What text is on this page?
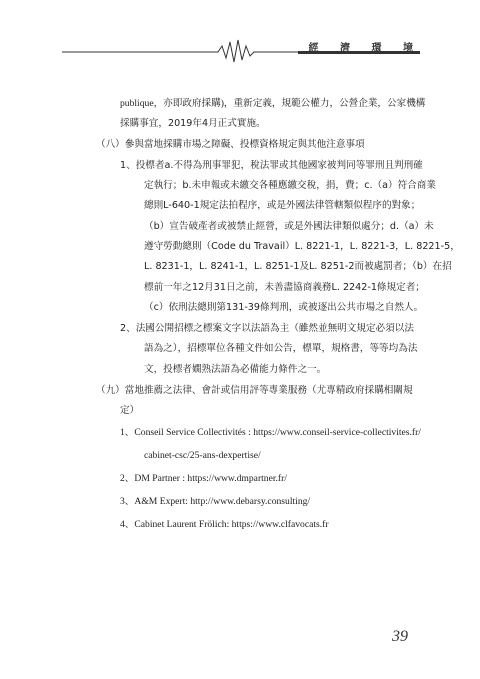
經 濟 環 境
publique，亦即政府採購)，重新定義，規範公權力，公營企業，公家機構
採購事宜，2019年4月正式實施。
（八）參與當地採購市場之障礙、投標資格規定與其他注意事項
1、投標者a.不得為刑事罪犯，稅法罪或其他國家被判同等罪刑且判刑確
定執行；b.未申報或未繳交各種應繳交稅，捐，費；c.（a）符合商業
總則L-640-1規定法拍程序，或是外國法律管轄類似程序的對象；
（b）宣告破產者或被禁止經營，或是外國法律類似處分；d.（a）未
遵守勞動總則（Code du Travail）L. 8221-1，L. 8221-3，L. 8221-5，
L. 8231-1，L. 8241-1，L. 8251-1及L. 8251-2而被處罰者；（b）在招
標前一年之12月31日之前，未善盡協商義務L. 2242-1條規定者；
（c）依刑法總則第131-39條判刑，或被逐出公共市場之自然人。
2、法國公開招標之標案文字以法語為主（雖然並無明文規定必須以法
語為之），招標單位各種文件如公告，標單，規格書，等等均為法
文，投標者嫺熟法語為必備能力條件之一。
（九）當地推薦之法律、會計或信用評等專業服務（尤專精政府採購相關規
定）
1、Conseil Service Collectivités : https://www.conseil-service-collectivites.fr/
cabinet-csc/25-ans-dexpertise/
2、DM Partner : https://www.dmpartner.fr/
3、A&M Expert: http://www.debarsy.consulting/
4、Cabinet Laurent Frölich: https://www.clfavocats.fr
39
